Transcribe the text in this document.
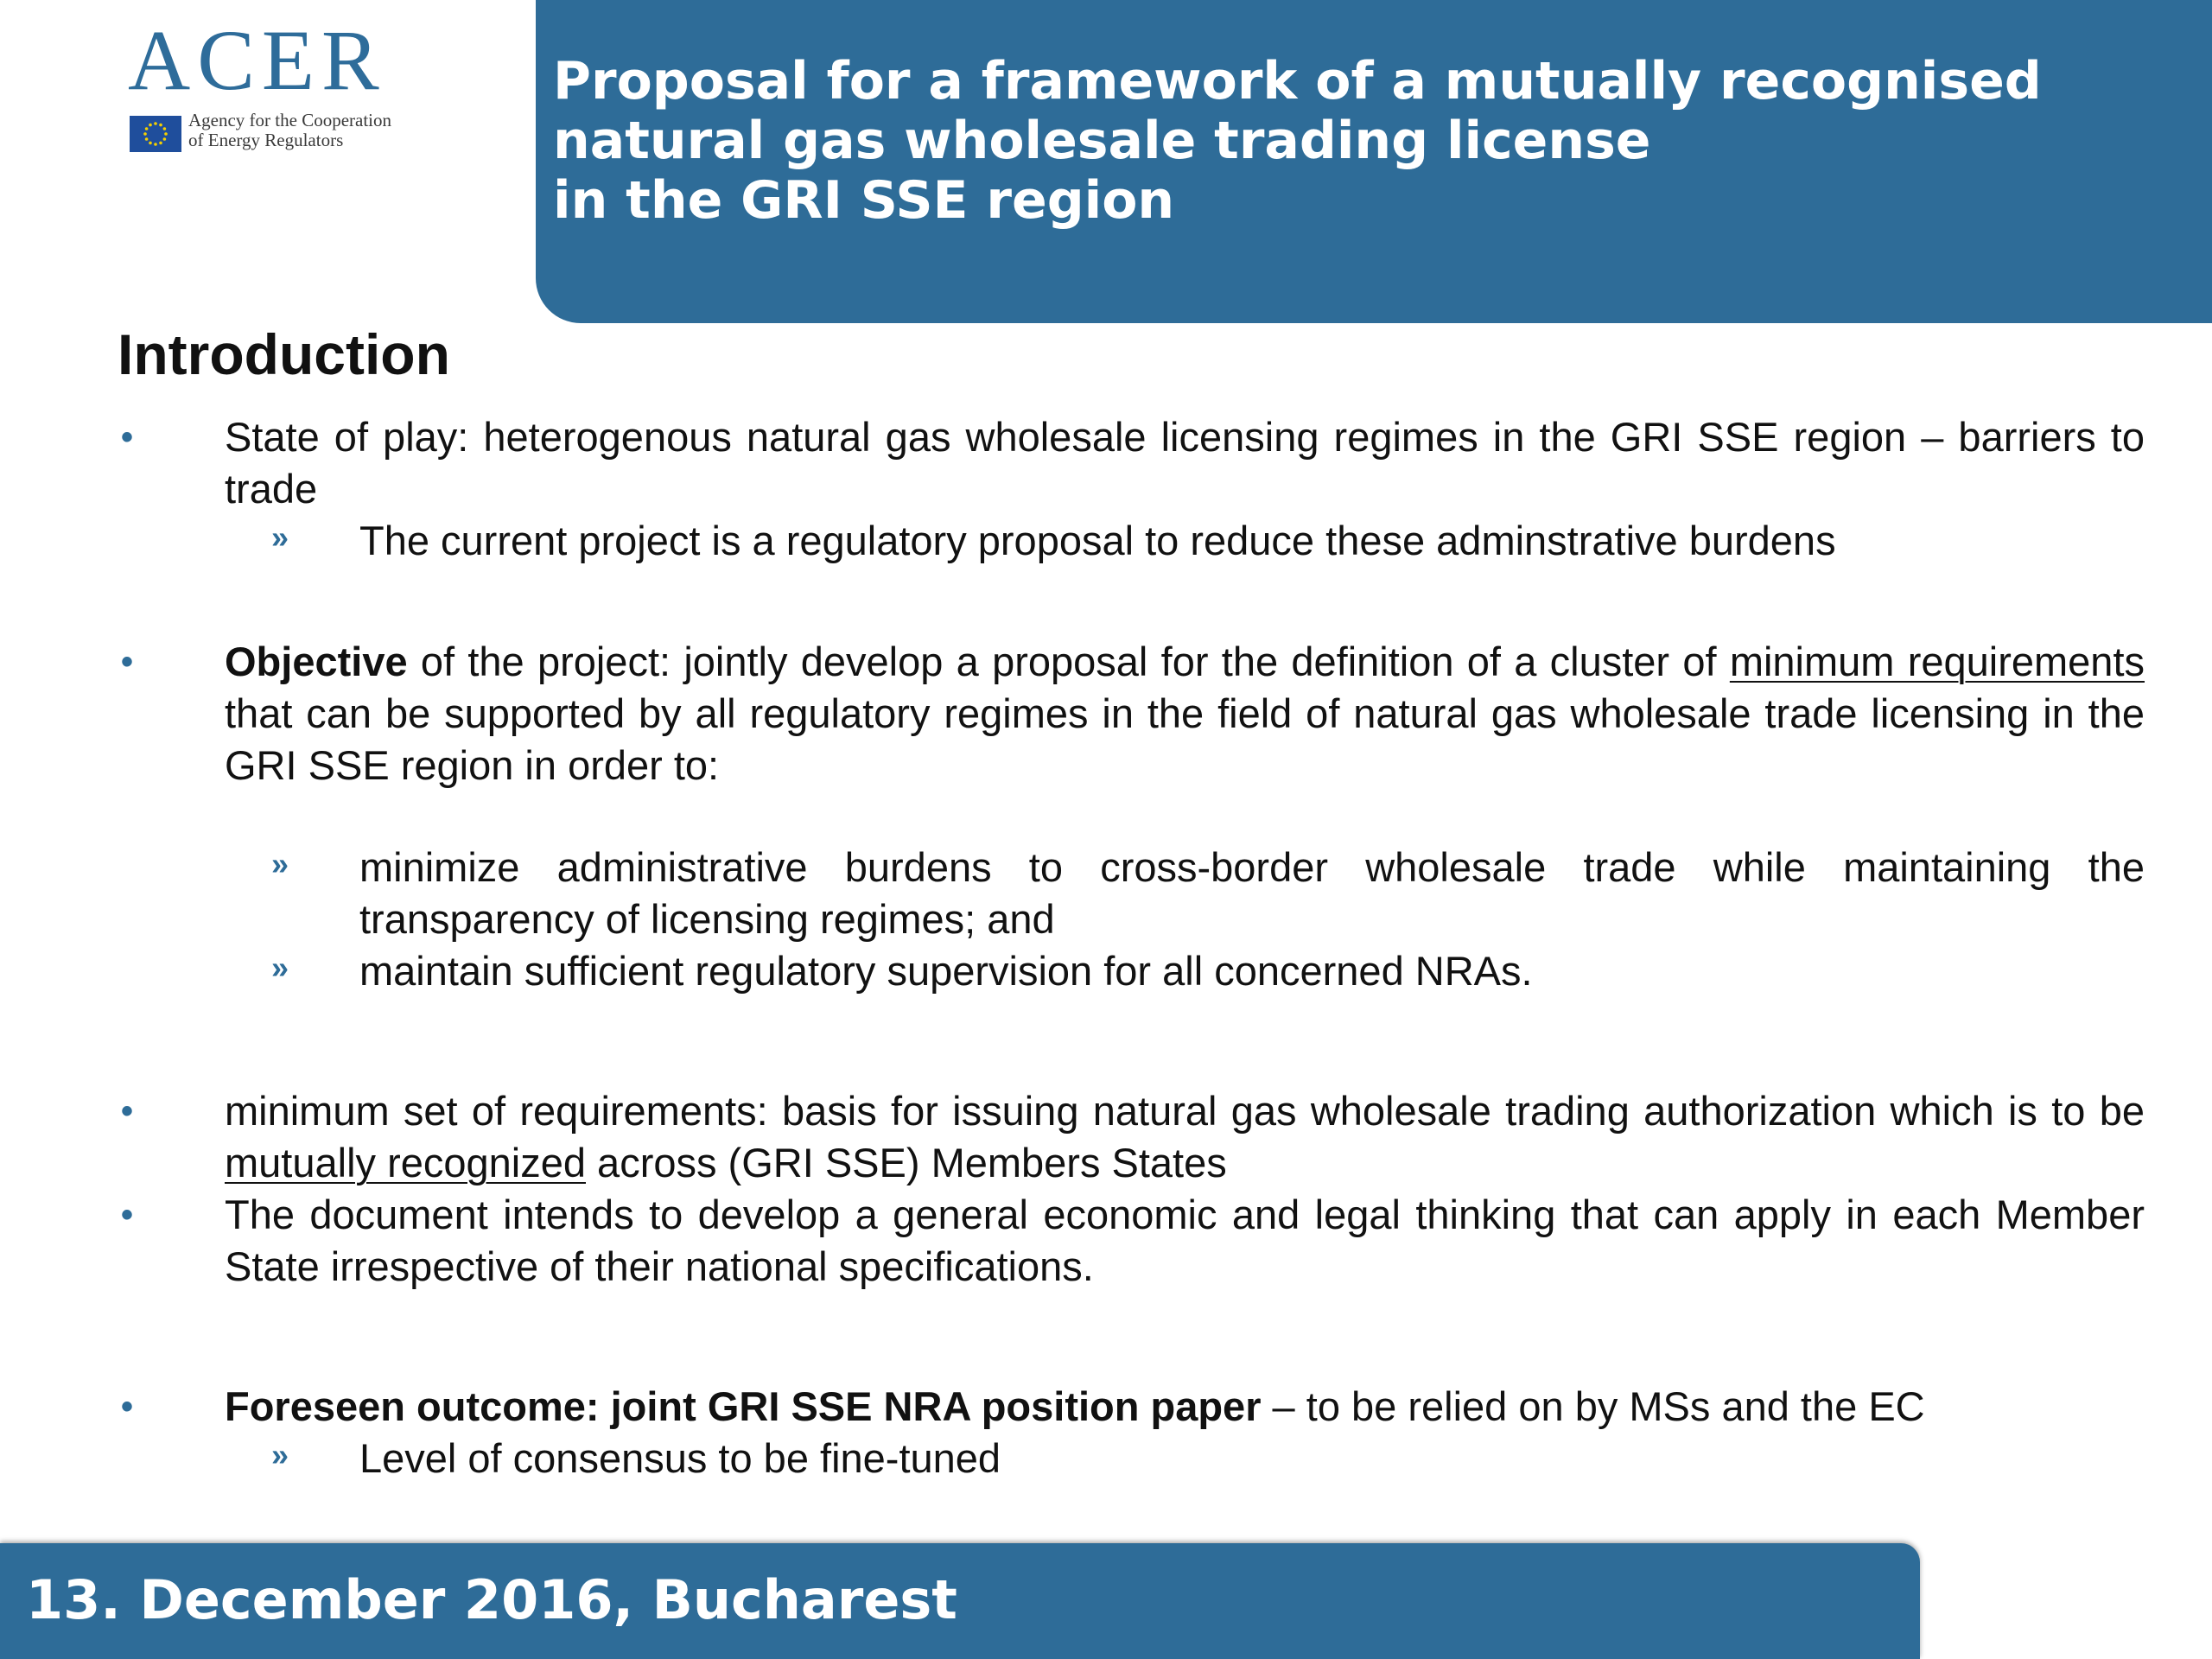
ACER
Agency for the Cooperation
of Energy Regulators
Proposal for a framework of a mutually recognised
natural gas wholesale trading license
in the GRI SSE region
Introduction
• State of play: heterogenous natural gas wholesale licensing regimes in the GRI SSE region – barriers to trade
» The current project is a regulatory proposal to reduce these adminstrative burdens
• Objective of the project: jointly develop a proposal for the definition of a cluster of minimum requirements that can be supported by all regulatory regimes in the field of natural gas wholesale trade licensing in the GRI SSE region in order to:
» minimize administrative burdens to cross-border wholesale trade while maintaining the transparency of licensing regimes; and
» maintain sufficient regulatory supervision for all concerned NRAs.
• minimum set of requirements: basis for issuing natural gas wholesale trading authorization which is to be mutually recognized across (GRI SSE) Members States
• The document intends to develop a general economic and legal thinking that can apply in each Member State irrespective of their national specifications.
• Foreseen outcome: joint GRI SSE NRA position paper – to be relied on by MSs and the EC
» Level of consensus to be fine-tuned
13. December 2016, Bucharest
